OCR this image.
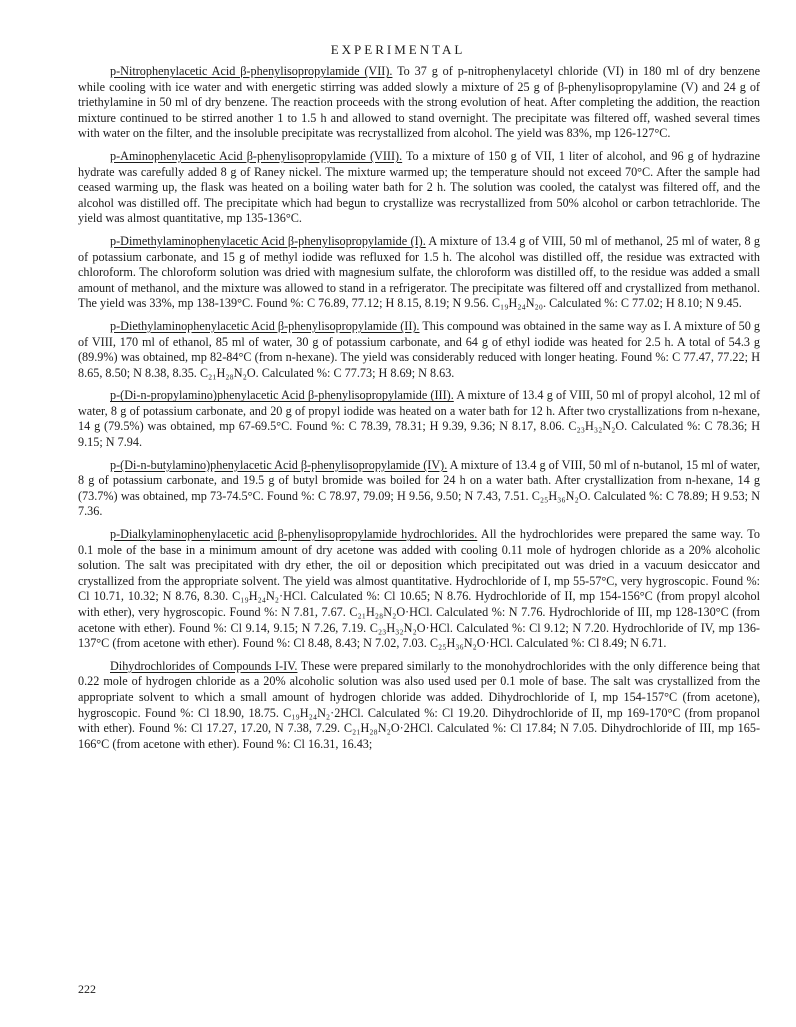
EXPERIMENTAL

p-Nitrophenylacetic Acid β-phenylisopropylamide (VII). To 37 g of p-nitrophenylacetyl chloride (VI) in 180 ml of dry benzene while cooling with ice water and with energetic stirring was added slowly a mixture of 25 g of β-phenylisopropylamine (V) and 24 g of triethylamine in 50 ml of dry benzene. The reaction proceeds with the strong evolution of heat. After completing the addition, the reaction mixture continued to be stirred another 1 to 1.5 h and allowed to stand overnight. The precipitate was filtered off, washed several times with water on the filter, and the insoluble precipitate was recrystallized from alcohol. The yield was 83%, mp 126-127°C.

p-Aminophenylacetic Acid β-phenylisopropylamide (VIII). To a mixture of 150 g of VII, 1 liter of alcohol, and 96 g of hydrazine hydrate was carefully added 8 g of Raney nickel. The mixture warmed up; the temperature should not exceed 70°C. After the sample had ceased warming up, the flask was heated on a boiling water bath for 2 h. The solution was cooled, the catalyst was filtered off, and the alcohol was distilled off. The precipitate which had begun to crystallize was recrystallized from 50% alcohol or carbon tetrachloride. The yield was almost quantitative, mp 135-136°C.

p-Dimethylaminophenylacetic Acid β-phenylisopropylamide (I). A mixture of 13.4 g of VIII, 50 ml of methanol, 25 ml of water, 8 g of potassium carbonate, and 15 g of methyl iodide was refluxed for 1.5 h. The alcohol was distilled off, the residue was extracted with chloroform. The chloroform solution was dried with magnesium sulfate, the chloroform was distilled off, to the residue was added a small amount of methanol, and the mixture was allowed to stand in a refrigerator. The precipitate was filtered off and crystallized from methanol. The yield was 33%, mp 138-139°C. Found %: C 76.89, 77.12; H 8.15, 8.19; N 9.56. C₁₉H₂₄N₂₀. Calculated %: C 77.02; H 8.10; N 9.45.

p-Diethylaminophenylacetic Acid β-phenylisopropylamide (II). This compound was obtained in the same way as I. A mixture of 50 g of VIII, 170 ml of ethanol, 85 ml of water, 30 g of potassium carbonate, and 64 g of ethyl iodide was heated for 2.5 h. A total of 54.3 g (89.9%) was obtained, mp 82-84°C (from n-hexane). The yield was considerably reduced with longer heating. Found %: C 77.47, 77.22; H 8.65, 8.50; N 8.38, 8.35. C₂₁H₂₈N₂O. Calculated %: C 77.73; H 8.69; N 8.63.

p-(Di-n-propylamino)phenylacetic Acid β-phenylisopropylamide (III). A mixture of 13.4 g of VIII, 50 ml of propyl alcohol, 12 ml of water, 8 g of potassium carbonate, and 20 g of propyl iodide was heated on a water bath for 12 h. After two crystallizations from n-hexane, 14 g (79.5%) was obtained, mp 67-69.5°C. Found %: C 78.39, 78.31; H 9.39, 9.36; N 8.17, 8.06. C₂₃H₃₂N₂O. Calculated %: C 78.36; H 9.15; N 7.94.

p-(Di-n-butylamino)phenylacetic Acid β-phenylisopropylamide (IV). A mixture of 13.4 g of VIII, 50 ml of n-butanol, 15 ml of water, 8 g of potassium carbonate, and 19.5 g of butyl bromide was boiled for 24 h on a water bath. After crystallization from n-hexane, 14 g (73.7%) was obtained, mp 73-74.5°C. Found %: C 78.97, 79.09; H 9.56, 9.50; N 7.43, 7.51. C₂₅H₃₆N₂O. Calculated %: C 78.89; H 9.53; N 7.36.

p-Dialkylaminophenylacetic acid β-phenylisopropylamide hydrochlorides. All the hydrochlorides were prepared the same way. To 0.1 mole of the base in a minimum amount of dry acetone was added with cooling 0.11 mole of hydrogen chloride as a 20% alcoholic solution. The salt was precipitated with dry ether, the oil or deposition which precipitated out was dried in a vacuum desiccator and crystallized from the appropriate solvent. The yield was almost quantitative. Hydrochloride of I, mp 55-57°C, very hygroscopic. Found %: Cl 10.71, 10.32; N 8.76, 8.30. C₁₉H₂₄N₂·HCl. Calculated %: Cl 10.65; N 8.76. Hydrochloride of II, mp 154-156°C (from propyl alcohol with ether), very hygroscopic. Found %: N 7.81, 7.67. C₂₁H₂₈N₂O·HCl. Calculated %: N 7.76. Hydrochloride of III, mp 128-130°C (from acetone with ether). Found %: Cl 9.14, 9.15; N 7.26, 7.19. C₂₃H₃₂N₂O·HCl. Calculated %: Cl 9.12; N 7.20. Hydrochloride of IV, mp 136-137°C (from acetone with ether). Found %: Cl 8.48, 8.43; N 7.02, 7.03. C₂₅H₃₆N₂O·HCl. Calculated %: Cl 8.49; N 6.71.

Dihydrochlorides of Compounds I-IV. These were prepared similarly to the monohydrochlorides with the only difference being that 0.22 mole of hydrogen chloride as a 20% alcoholic solution was also used used per 0.1 mole of base. The salt was crystallized from the appropriate solvent to which a small amount of hydrogen chloride was added. Dihydrochloride of I, mp 154-157°C (from acetone), hygroscopic. Found %: Cl 18.90, 18.75. C₁₉H₂₄N₂·2HCl. Calculated %: Cl 19.20. Dihydrochloride of II, mp 169-170°C (from propanol with ether). Found %: Cl 17.27, 17.20, N 7.38, 7.29. C₂₁H₂₈N₂O·2HCl. Calculated %: Cl 17.84; N 7.05. Dihydrochloride of III, mp 165-166°C (from acetone with ether). Found %: Cl 16.31, 16.43;

222
